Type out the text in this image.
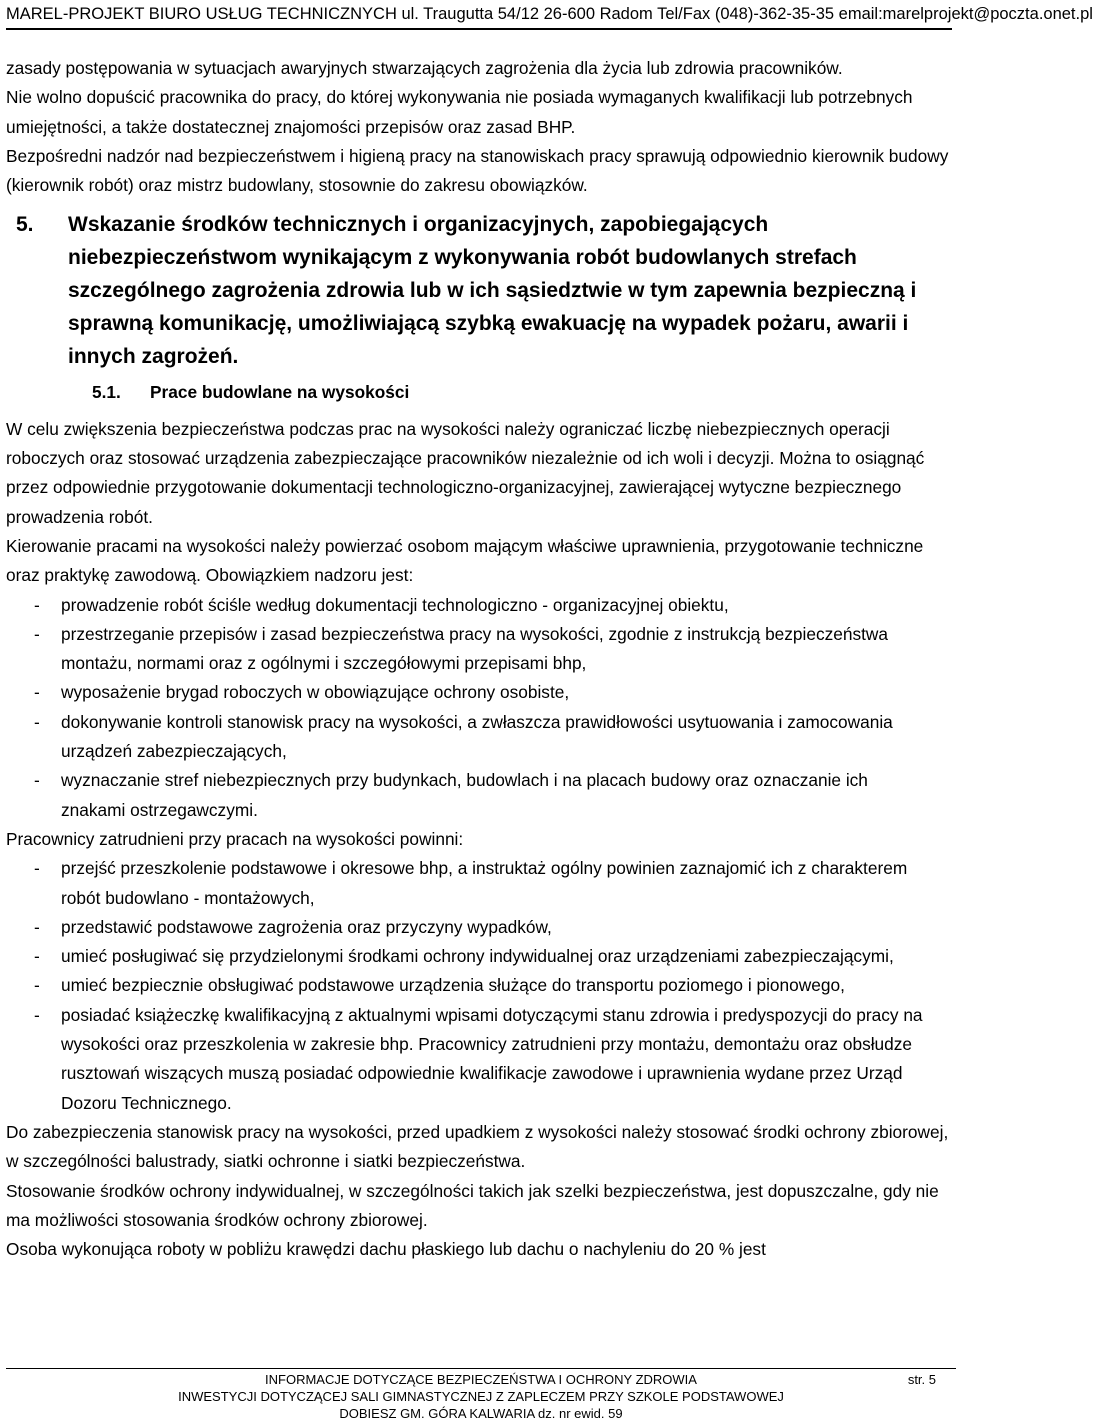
MAREL-PROJEKT BIURO USŁUG TECHNICZNYCH ul. Traugutta 54/12 26-600 Radom Tel/Fax (048)-362-35-35 email:marelprojekt@poczta.onet.pl

zasady postępowania w sytuacjach awaryjnych stwarzających zagrożenia dla życia lub zdrowia pracowników.

Nie wolno dopuścić pracownika do pracy, do której wykonywania nie posiada wymaganych kwalifikacji lub potrzebnych umiejętności, a także dostatecznej znajomości przepisów oraz zasad BHP.

Bezpośredni nadzór nad bezpieczeństwem i higieną pracy na stanowiskach pracy sprawują odpowiednio kierownik budowy (kierownik robót) oraz mistrz budowlany, stosownie do zakresu obowiązków.

5.	Wskazanie środków technicznych i organizacyjnych, zapobiegających niebezpieczeństwom wynikającym z wykonywania robót budowlanych strefach szczególnego zagrożenia zdrowia lub w ich sąsiedztwie w tym zapewnia bezpieczną i sprawną komunikację, umożliwiającą szybką ewakuację na wypadek pożaru, awarii i innych zagrożeń.
5.1. Prace budowlane na wysokości

W celu zwiększenia bezpieczeństwa podczas prac na wysokości należy ograniczać liczbę niebezpiecznych operacji roboczych oraz stosować urządzenia zabezpieczające pracowników niezależnie od ich woli i decyzji. Można to osiągnąć przez odpowiednie przygotowanie dokumentacji technologiczno-organizacyjnej, zawierającej wytyczne bezpiecznego prowadzenia robót.

Kierowanie pracami na wysokości należy powierzać osobom mającym właściwe uprawnienia, przygotowanie techniczne oraz praktykę zawodową. Obowiązkiem nadzoru jest:

-	prowadzenie robót ściśle według dokumentacji technologiczno - organizacyjnej obiektu,
-	przestrzeganie przepisów i zasad bezpieczeństwa pracy na wysokości, zgodnie z instrukcją bezpieczeństwa montażu, normami oraz z ogólnymi i szczegółowymi przepisami bhp,
-	wyposażenie brygad roboczych w obowiązujące ochrony osobiste,
-	dokonywanie kontroli stanowisk pracy na wysokości, a zwłaszcza prawidłowości usytuowania i zamocowania urządzeń zabezpieczających,
-	wyznaczanie stref niebezpiecznych przy budynkach, budowlach i na placach budowy oraz oznaczanie ich znakami ostrzegawczymi.

Pracownicy zatrudnieni przy pracach na wysokości powinni:

-	przejść przeszkolenie podstawowe i okresowe bhp, a instruktaż ogólny powinien zaznajomić ich z charakterem robót budowlano - montażowych,
-	przedstawić podstawowe zagrożenia oraz przyczyny wypadków,
-	umieć posługiwać się przydzielonymi środkami ochrony indywidualnej oraz urządzeniami zabezpieczającymi,
-	umieć bezpiecznie obsługiwać podstawowe urządzenia służące do transportu poziomego i pionowego,
-	posiadać książeczkę kwalifikacyjną z aktualnymi wpisami dotyczącymi stanu zdrowia i predyspozycji do pracy na wysokości oraz przeszkolenia w zakresie bhp. Pracownicy zatrudnieni przy montażu, demontażu oraz obsłudze rusztowań wiszących muszą posiadać odpowiednie kwalifikacje zawodowe i uprawnienia wydane przez Urząd Dozoru Technicznego.

Do zabezpieczenia stanowisk pracy na wysokości, przed upadkiem z wysokości należy stosować środki ochrony zbiorowej, w szczególności balustrady, siatki ochronne i siatki bezpieczeństwa.

Stosowanie środków ochrony indywidualnej, w szczególności takich jak szelki bezpieczeństwa, jest dopuszczalne, gdy nie ma możliwości stosowania środków ochrony zbiorowej.

Osoba wykonująca roboty w pobliżu krawędzi dachu płaskiego lub dachu o nachyleniu do 20 % jest

INFORMACJE DOTYCZĄCE BEZPIECZEŃSTWA I OCHRONY ZDROWIA
INWESTYCJI DOTYCZĄCEJ SALI GIMNASTYCZNEJ Z ZAPLECZEM PRZY SZKOLE PODSTAWOWEJ
DOBIESZ GM. GÓRA KALWARIA dz. nr ewid. 59
str. 5
